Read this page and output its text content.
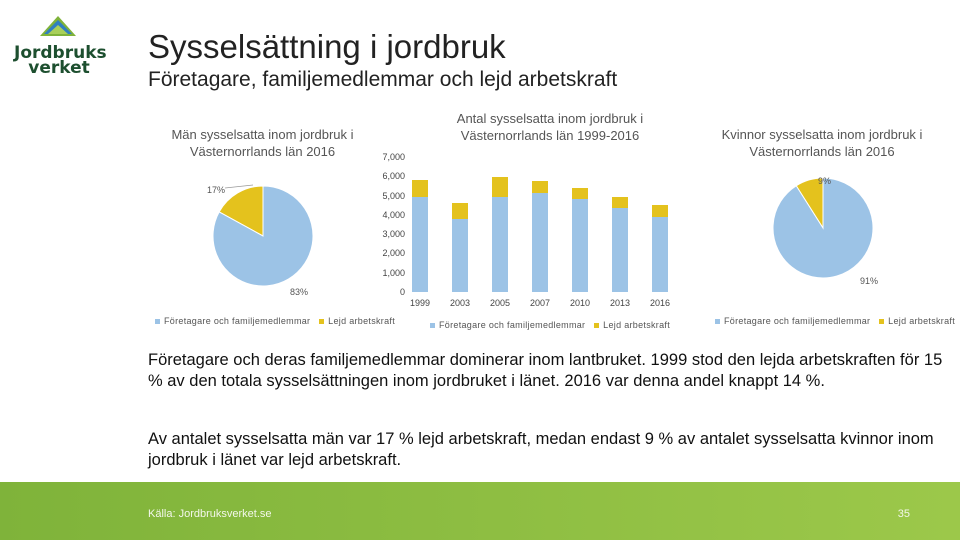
Jordbruks
verket
Sysselsättning i jordbruk
Företagare, familjemedlemmar och lejd arbetskraft
Män sysselsatta inom jordbruk i Västernorrlands län 2016
17%
83%
Företagare och familjemedlemmar Lejd arbetskraft
Antal sysselsatta inom jordbruk i Västernorrlands län 1999-2016
0
1,000
2,000
3,000
4,000
5,000
6,000
7,000
1999	2003	2005	2007	2010	2013	2016
Företagare och familjemedlemmar Lejd arbetskraft
Kvinnor sysselsatta inom jordbruk i Västernorrlands län 2016
9%
91%
Företagare och familjemedlemmar Lejd arbetskraft
Företagare och deras familjemedlemmar dominerar inom lantbruket. 1999 stod den lejda arbetskraften för 15 % av den totala sysselsättningen inom jordbruket i länet. 2016 var denna andel knappt 14 %.
Av antalet sysselsatta män var 17 % lejd arbetskraft, medan endast 9 % av antalet sysselsatta kvinnor inom jordbruk i länet var lejd arbetskraft.
Källa: Jordbruksverket.se	35
